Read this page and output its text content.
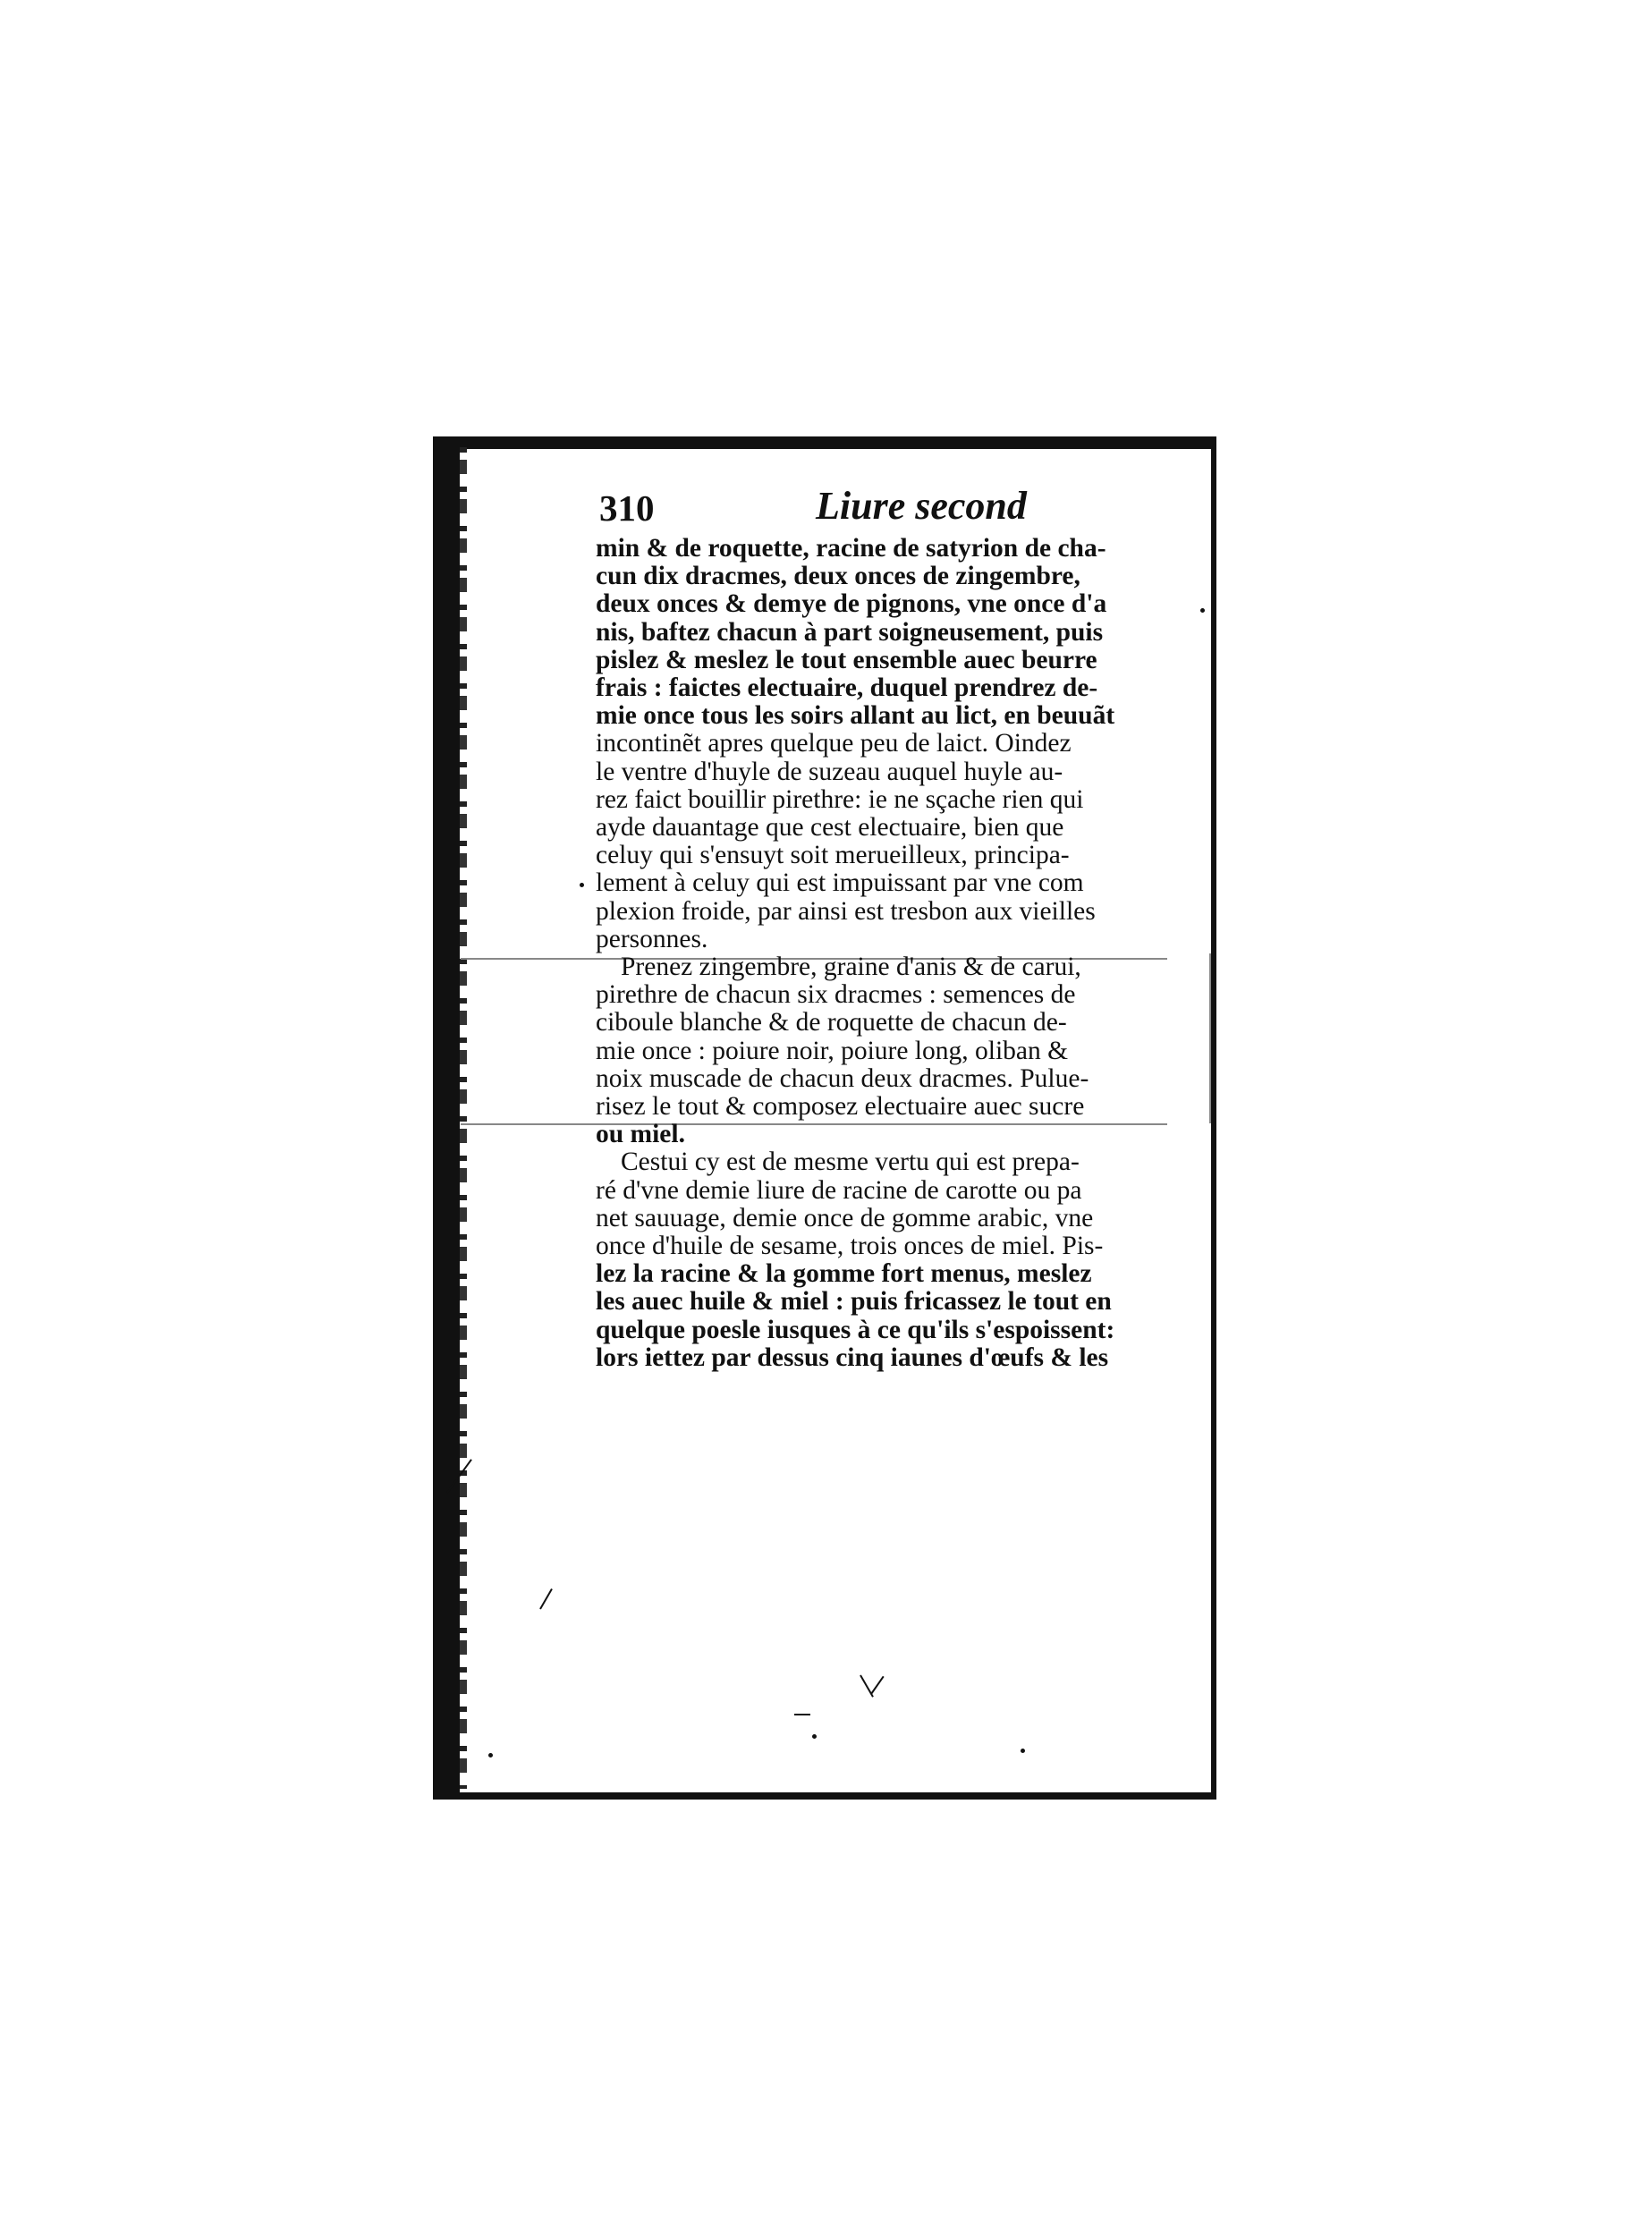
310	Liure second
min & de roquette, racine de satyrion de cha-
cun dix dracmes, deux onces de zingembre,
deux onces & demye de pignons, vne once d'a
nis, baftez chacun à part soigneusement, puis
pislez & meslez le tout ensemble auec beurre
frais : faictes electuaire, duquel prendrez de-
mie once tous les soirs allant au lict, en beuuãt
incontinẽt apres quelque peu de laict. Oindez
le ventre d'huyle de suzeau auquel huyle au-
rez faict bouillir pirethre: ie ne sçache rien qui
ayde dauantage que cest electuaire, bien que
celuy qui s'ensuyt soit merueilleux, principa-
lement à celuy qui est impuissant par vne com
plexion froide, par ainsi est tresbon aux vieilles
personnes.
Prenez zingembre, graine d'anis & de carui,
pirethre de chacun six dracmes : semences de
ciboule blanche & de roquette de chacun de-
mie once : poiure noir, poiure long, oliban &
noix muscade de chacun deux dracmes. Pulue-
risez le tout & composez electuaire auec sucre
ou miel.
Cestui cy est de mesme vertu qui est prepa-
ré d'vne demie liure de racine de carotte ou pa
net sauuage, demie once de gomme arabic, vne
once d'huile de sesame, trois onces de miel. Pis-
lez la racine & la gomme fort menus, meslez
les auec huile & miel : puis fricassez le tout en
quelque poesle iusques à ce qu'ils s'espoissent:
lors iettez par dessus cinq iaunes d'œufs & les
